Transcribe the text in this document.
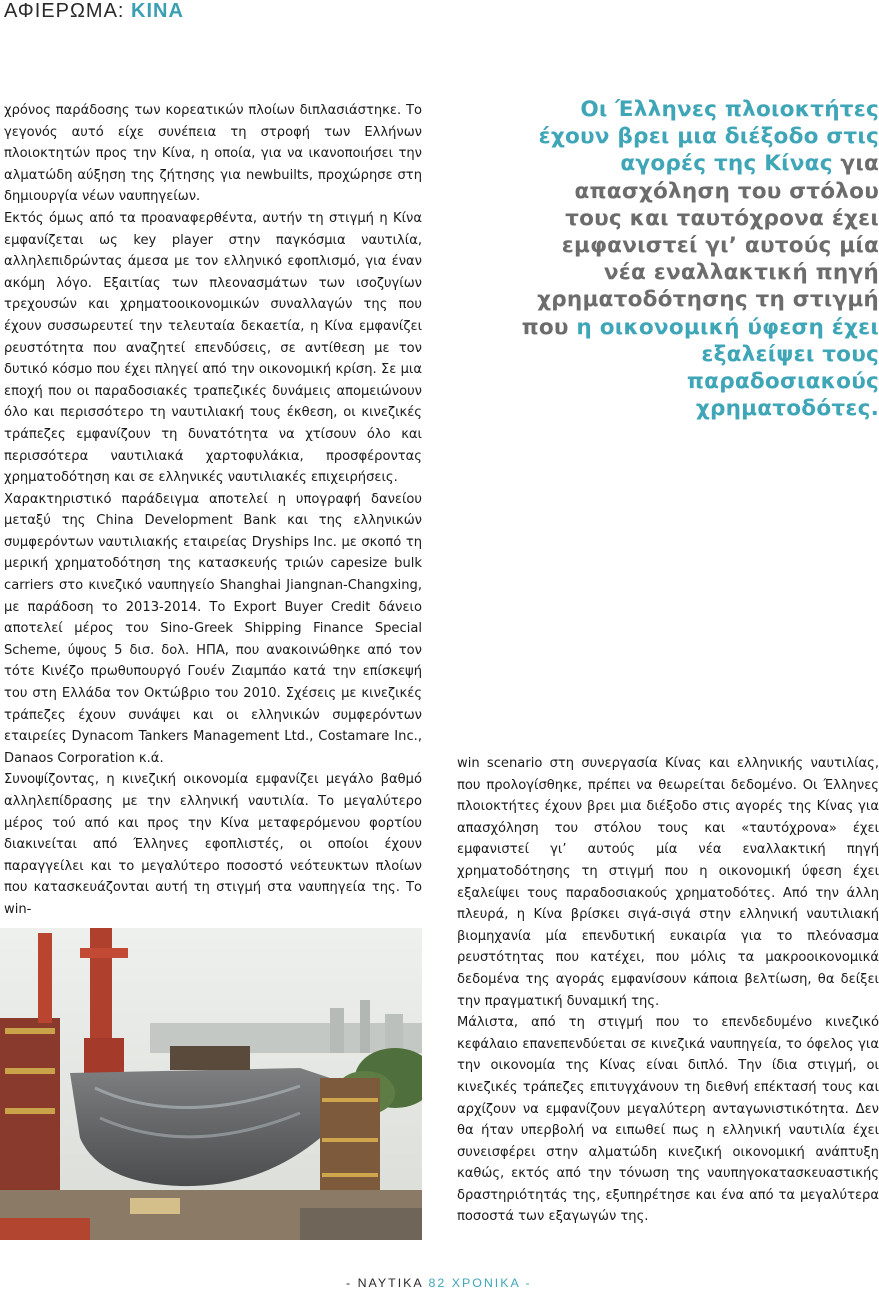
ΑΦΙΕΡΩΜΑ: ΚΙΝΑ

χρόνος παράδοσης των κορεατικών πλοίων διπλασιάστηκε. Το γεγονός αυτό είχε συνέπεια τη στροφή των Ελλήνων πλοιοκτητών προς την Κίνα, η οποία, για να ικανοποιήσει την αλματώδη αύξηση της ζήτησης για newbuilts, προχώρησε στη δημιουργία νέων ναυπηγείων.

Εκτός όμως από τα προαναφερθέντα, αυτήν τη στιγμή η Κίνα εμφανίζεται ως key player στην παγκόσμια ναυτιλία, αλληλεπιδρώντας άμεσα με τον ελληνικό εφοπλισμό, για έναν ακόμη λόγο. Εξαιτίας των πλεονασμάτων των ισοζυγίων τρεχουσών και χρηματοοικονομικών συναλλαγών της που έχουν συσσωρευτεί την τελευταία δεκαετία, η Κίνα εμφανίζει ρευστότητα που αναζητεί επενδύσεις, σε αντίθεση με τον δυτικό κόσμο που έχει πληγεί από την οικονομική κρίση. Σε μια εποχή που οι παραδοσιακές τραπεζικές δυνάμεις απομειώνουν όλο και περισσότερο τη ναυτιλιακή τους έκθεση, οι κινεζικές τράπεζες εμφανίζουν τη δυνατότητα να χτίσουν όλο και περισσότερα ναυτιλιακά χαρτοφυλάκια, προσφέροντας χρηματοδότηση και σε ελληνικές ναυτιλιακές επιχειρήσεις.

Χαρακτηριστικό παράδειγμα αποτελεί η υπογραφή δανείου μεταξύ της China Development Bank και της ελληνικών συμφερόντων ναυτιλιακής εταιρείας Dryships Inc. με σκοπό τη μερική χρηματοδότηση της κατασκευής τριών capesize bulk carriers στο κινεζικό ναυπηγείο Shanghai Jiangnan-Changxing, με παράδοση το 2013-2014. Το Export Buyer Credit δάνειο αποτελεί μέρος του Sino-Greek Shipping Finance Special Scheme, ύψους 5 δισ. δολ. ΗΠΑ, που ανακοινώθηκε από τον τότε Κινέζο πρωθυπουργό Γουέν Ζιαμπάο κατά την επίσκεψή του στη Ελλάδα τον Οκτώβριο του 2010. Σχέσεις με κινεζικές τράπεζες έχουν συνάψει και οι ελληνικών συμφερόντων εταιρείες Dynacom Tankers Management Ltd., Costamare Inc., Danaos Corporation κ.ά.

Συνοψίζοντας, η κινεζική οικονομία εμφανίζει μεγάλο βαθμό αλληλεπίδρασης με την ελληνική ναυτιλία. Το μεγαλύτερο μέρος τού από και προς την Κίνα μεταφερόμενου φορτίου διακινείται από Έλληνες εφοπλιστές, οι οποίοι έχουν παραγγείλει και το μεγαλύτερο ποσοστό νεότευκτων πλοίων που κατασκευάζονται αυτή τη στιγμή στα ναυπηγεία της. Το win-

Οι Έλληνες πλοιοκτήτες έχουν βρει μια διέξοδο στις αγορές της Κίνας για απασχόληση του στόλου τους και ταυτόχρονα έχει εμφανιστεί γι’ αυτούς μία νέα εναλλακτική πηγή χρηματοδότησης τη στιγμή που η οικονομική ύφεση έχει εξαλείψει τους παραδοσιακούς χρηματοδότες.

win scenario στη συνεργασία Κίνας και ελληνικής ναυτιλίας, που προλογίσθηκε, πρέπει να θεωρείται δεδομένο. Οι Έλληνες πλοιοκτήτες έχουν βρει μια διέξοδο στις αγορές της Κίνας για απασχόληση του στόλου τους και «ταυτόχρονα» έχει εμφανιστεί γι’ αυτούς μία νέα εναλλακτική πηγή χρηματοδότησης τη στιγμή που η οικονομική ύφεση έχει εξαλείψει τους παραδοσιακούς χρηματοδότες. Από την άλλη πλευρά, η Κίνα βρίσκει σιγά-σιγά στην ελληνική ναυτιλιακή βιομηχανία μία επενδυτική ευκαιρία για το πλεόνασμα ρευστότητας που κατέχει, που μόλις τα μακροοικονομικά δεδομένα της αγοράς εμφανίσουν κάποια βελτίωση, θα δείξει την πραγματική δυναμική της.

Μάλιστα, από τη στιγμή που το επενδεδυμένο κινεζικό κεφάλαιο επανεπενδύεται σε κινεζικά ναυπηγεία, το όφελος για την οικονομία της Κίνας είναι διπλό. Την ίδια στιγμή, οι κινεζικές τράπεζες επιτυγχάνουν τη διεθνή επέκτασή τους και αρχίζουν να εμφανίζουν μεγαλύτερη ανταγωνιστικότητα. Δεν θα ήταν υπερβολή να ειπωθεί πως η ελληνική ναυτιλία έχει συνεισφέρει στην αλματώδη κινεζική οικονομική ανάπτυξη καθώς, εκτός από την τόνωση της ναυπηγοκατασκευαστικής δραστηριότητάς της, εξυπηρέτησε και ένα από τα μεγαλύτερα ποσοστά των εξαγωγών της.

- ΝΑΥΤΙΚΑ 82 ΧΡΟΝΙΚΑ -
